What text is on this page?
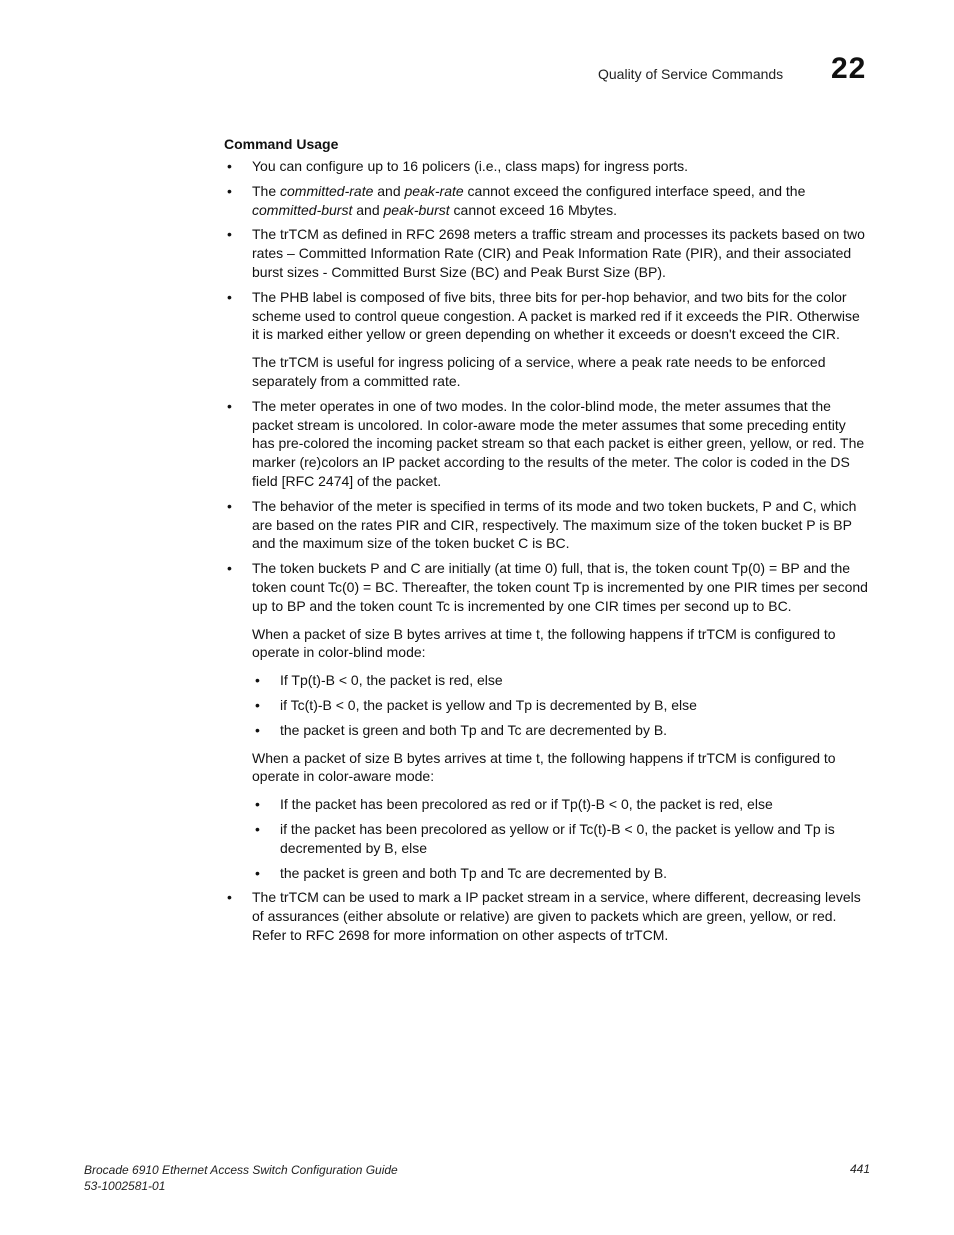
Quality of Service Commands 22
Command Usage
• You can configure up to 16 policers (i.e., class maps) for ingress ports.

• The committed-rate and peak-rate cannot exceed the configured interface speed, and the committed-burst and peak-burst cannot exceed 16 Mbytes.

• The trTCM as defined in RFC 2698 meters a traffic stream and processes its packets based on two rates – Committed Information Rate (CIR) and Peak Information Rate (PIR), and their associated burst sizes - Committed Burst Size (BC) and Peak Burst Size (BP).

• The PHB label is composed of five bits, three bits for per-hop behavior, and two bits for the color scheme used to control queue congestion. A packet is marked red if it exceeds the PIR. Otherwise it is marked either yellow or green depending on whether it exceeds or doesn't exceed the CIR.

The trTCM is useful for ingress policing of a service, where a peak rate needs to be enforced separately from a committed rate.

• The meter operates in one of two modes. In the color-blind mode, the meter assumes that the packet stream is uncolored. In color-aware mode the meter assumes that some preceding entity has pre-colored the incoming packet stream so that each packet is either green, yellow, or red. The marker (re)colors an IP packet according to the results of the meter. The color is coded in the DS field [RFC 2474] of the packet.

• The behavior of the meter is specified in terms of its mode and two token buckets, P and C, which are based on the rates PIR and CIR, respectively. The maximum size of the token bucket P is BP and the maximum size of the token bucket C is BC.

• The token buckets P and C are initially (at time 0) full, that is, the token count Tp(0) = BP and the token count Tc(0) = BC. Thereafter, the token count Tp is incremented by one PIR times per second up to BP and the token count Tc is incremented by one CIR times per second up to BC.

When a packet of size B bytes arrives at time t, the following happens if trTCM is configured to operate in color-blind mode:

• If Tp(t)-B < 0, the packet is red, else
• if Tc(t)-B < 0, the packet is yellow and Tp is decremented by B, else
• the packet is green and both Tp and Tc are decremented by B.

When a packet of size B bytes arrives at time t, the following happens if trTCM is configured to operate in color-aware mode:

• If the packet has been precolored as red or if Tp(t)-B < 0, the packet is red, else
• if the packet has been precolored as yellow or if Tc(t)-B < 0, the packet is yellow and Tp is decremented by B, else
• the packet is green and both Tp and Tc are decremented by B.
• The trTCM can be used to mark a IP packet stream in a service, where different, decreasing levels of assurances (either absolute or relative) are given to packets which are green, yellow, or red. Refer to RFC 2698 for more information on other aspects of trTCM.

Brocade 6910 Ethernet Access Switch Configuration Guide
53-1002581-01
441
